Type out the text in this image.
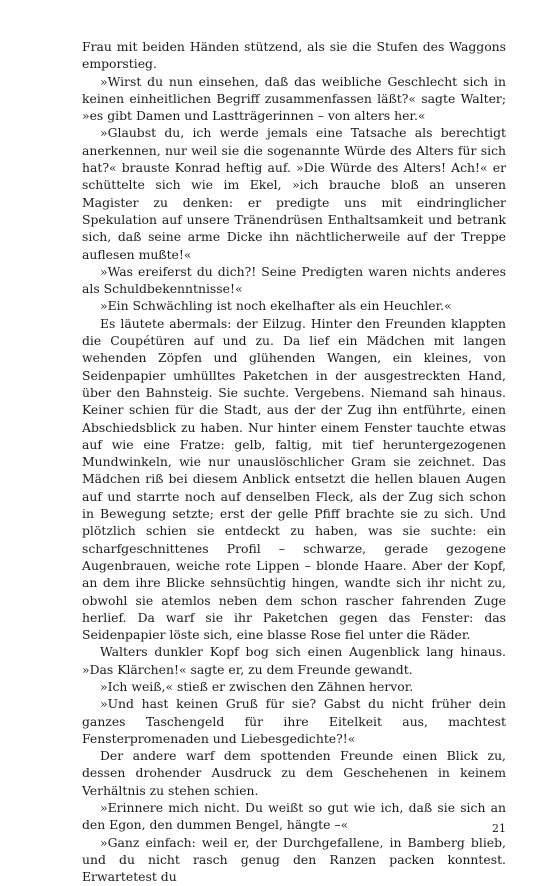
Frau mit beiden Händen stützend, als sie die Stufen des Waggons emporstieg.

»Wirst du nun einsehen, daß das weibliche Geschlecht sich in keinen einheitlichen Begriff zusammenfassen läßt?« sagte Walter; »es gibt Damen und Lastträgerinnen – von alters her.«

»Glaubst du, ich werde jemals eine Tatsache als berechtigt anerkennen, nur weil sie die sogenannte Würde des Alters für sich hat?« brauste Konrad heftig auf. »Die Würde des Alters! Ach!« er schüttelte sich wie im Ekel, »ich brauche bloß an unseren Magister zu denken: er predigte uns mit eindringlicher Spekulation auf unsere Tränendrüsen Enthaltsamkeit und betrank sich, daß seine arme Dicke ihn nächtlicherweile auf der Treppe auflesen mußte!«

»Was ereiferst du dich?! Seine Predigten waren nichts anderes als Schuldbekenntnisse!«

»Ein Schwächling ist noch ekelhafter als ein Heuchler.«

Es läutete abermals: der Eilzug. Hinter den Freunden klappten die Coupétüren auf und zu. Da lief ein Mädchen mit langen wehenden Zöpfen und glühenden Wangen, ein kleines, von Seidenpapier umhülltes Paketchen in der ausgestreckten Hand, über den Bahnsteig. Sie suchte. Vergebens. Niemand sah hinaus. Keiner schien für die Stadt, aus der der Zug ihn entführte, einen Abschiedsblick zu haben. Nur hinter einem Fenster tauchte etwas auf wie eine Fratze: gelb, faltig, mit tief heruntergezogenen Mundwinkeln, wie nur unauslöschlicher Gram sie zeichnet. Das Mädchen riß bei diesem Anblick entsetzt die hellen blauen Augen auf und starrte noch auf denselben Fleck, als der Zug sich schon in Bewegung setzte; erst der gelle Pfiff brachte sie zu sich. Und plötzlich schien sie entdeckt zu haben, was sie suchte: ein scharfgeschnittenes Profil – schwarze, gerade gezogene Augenbrauen, weiche rote Lippen – blonde Haare. Aber der Kopf, an dem ihre Blicke sehnsüchtig hingen, wandte sich ihr nicht zu, obwohl sie atemlos neben dem schon rascher fahrenden Zuge herlief. Da warf sie ihr Paketchen gegen das Fenster: das Seidenpapier löste sich, eine blasse Rose fiel unter die Räder.

Walters dunkler Kopf bog sich einen Augenblick lang hinaus. »Das Klärchen!« sagte er, zu dem Freunde gewandt.

»Ich weiß,« stieß er zwischen den Zähnen hervor.

»Und hast keinen Gruß für sie? Gabst du nicht früher dein ganzes Taschengeld für ihre Eitelkeit aus, machtest Fensterpromenaden und Liebesgedichte?!«

Der andere warf dem spottenden Freunde einen Blick zu, dessen drohender Ausdruck zu dem Geschehenen in keinem Verhältnis zu stehen schien.

»Erinnere mich nicht. Du weißt so gut wie ich, daß sie sich an den Egon, den dummen Bengel, hängte –«

»Ganz einfach: weil er, der Durchgefallene, in Bamberg blieb, und du nicht rasch genug den Ranzen packen konntest. Erwartetest du

21
